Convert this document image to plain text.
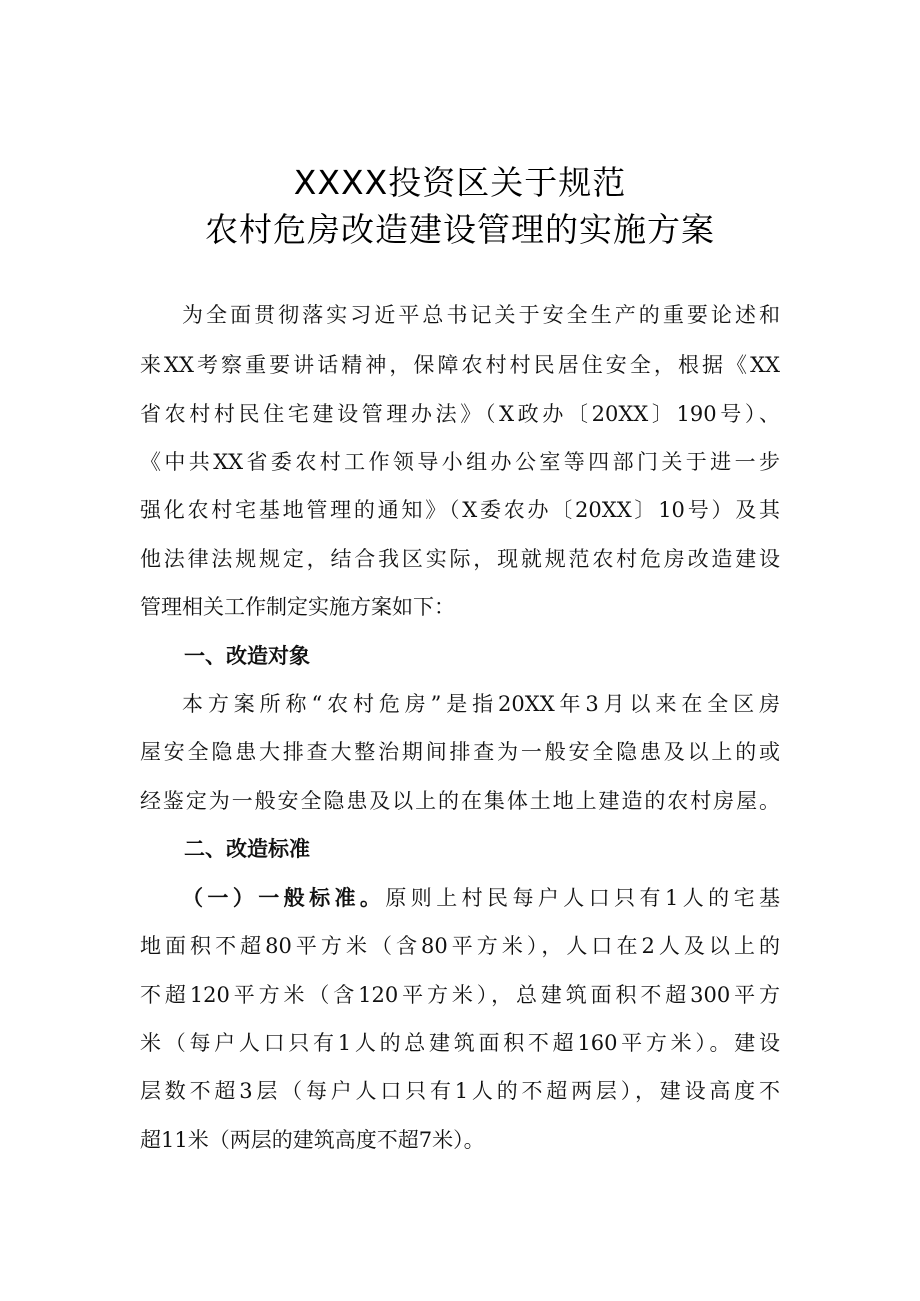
XXXX投资区关于规范
农村危房改造建设管理的实施方案
为全面贯彻落实习近平总书记关于安全生产的重要论述和
来XX考察重要讲话精神，保障农村村民居住安全，根据《XX
省农村村民住宅建设管理办法》（X政办〔20XX〕190号）、
《中共XX省委农村工作领导小组办公室等四部门关于进一步
强化农村宅基地管理的通知》（X委农办〔20XX〕10号）及其
他法律法规规定，结合我区实际，现就规范农村危房改造建设
管理相关工作制定实施方案如下：
一、改造对象
本方案所称“农村危房”是指20XX年3月以来在全区房
屋安全隐患大排查大整治期间排查为一般安全隐患及以上的或
经鉴定为一般安全隐患及以上的在集体土地上建造的农村房屋。
二、改造标准
（一）一般标准。原则上村民每户人口只有1人的宅基
地面积不超80平方米（含80平方米），人口在2人及以上的
不超120平方米（含120平方米），总建筑面积不超300平方
米（每户人口只有1人的总建筑面积不超160平方米）。建设
层数不超3层（每户人口只有1人的不超两层），建设高度不
超11米（两层的建筑高度不超7米）。
